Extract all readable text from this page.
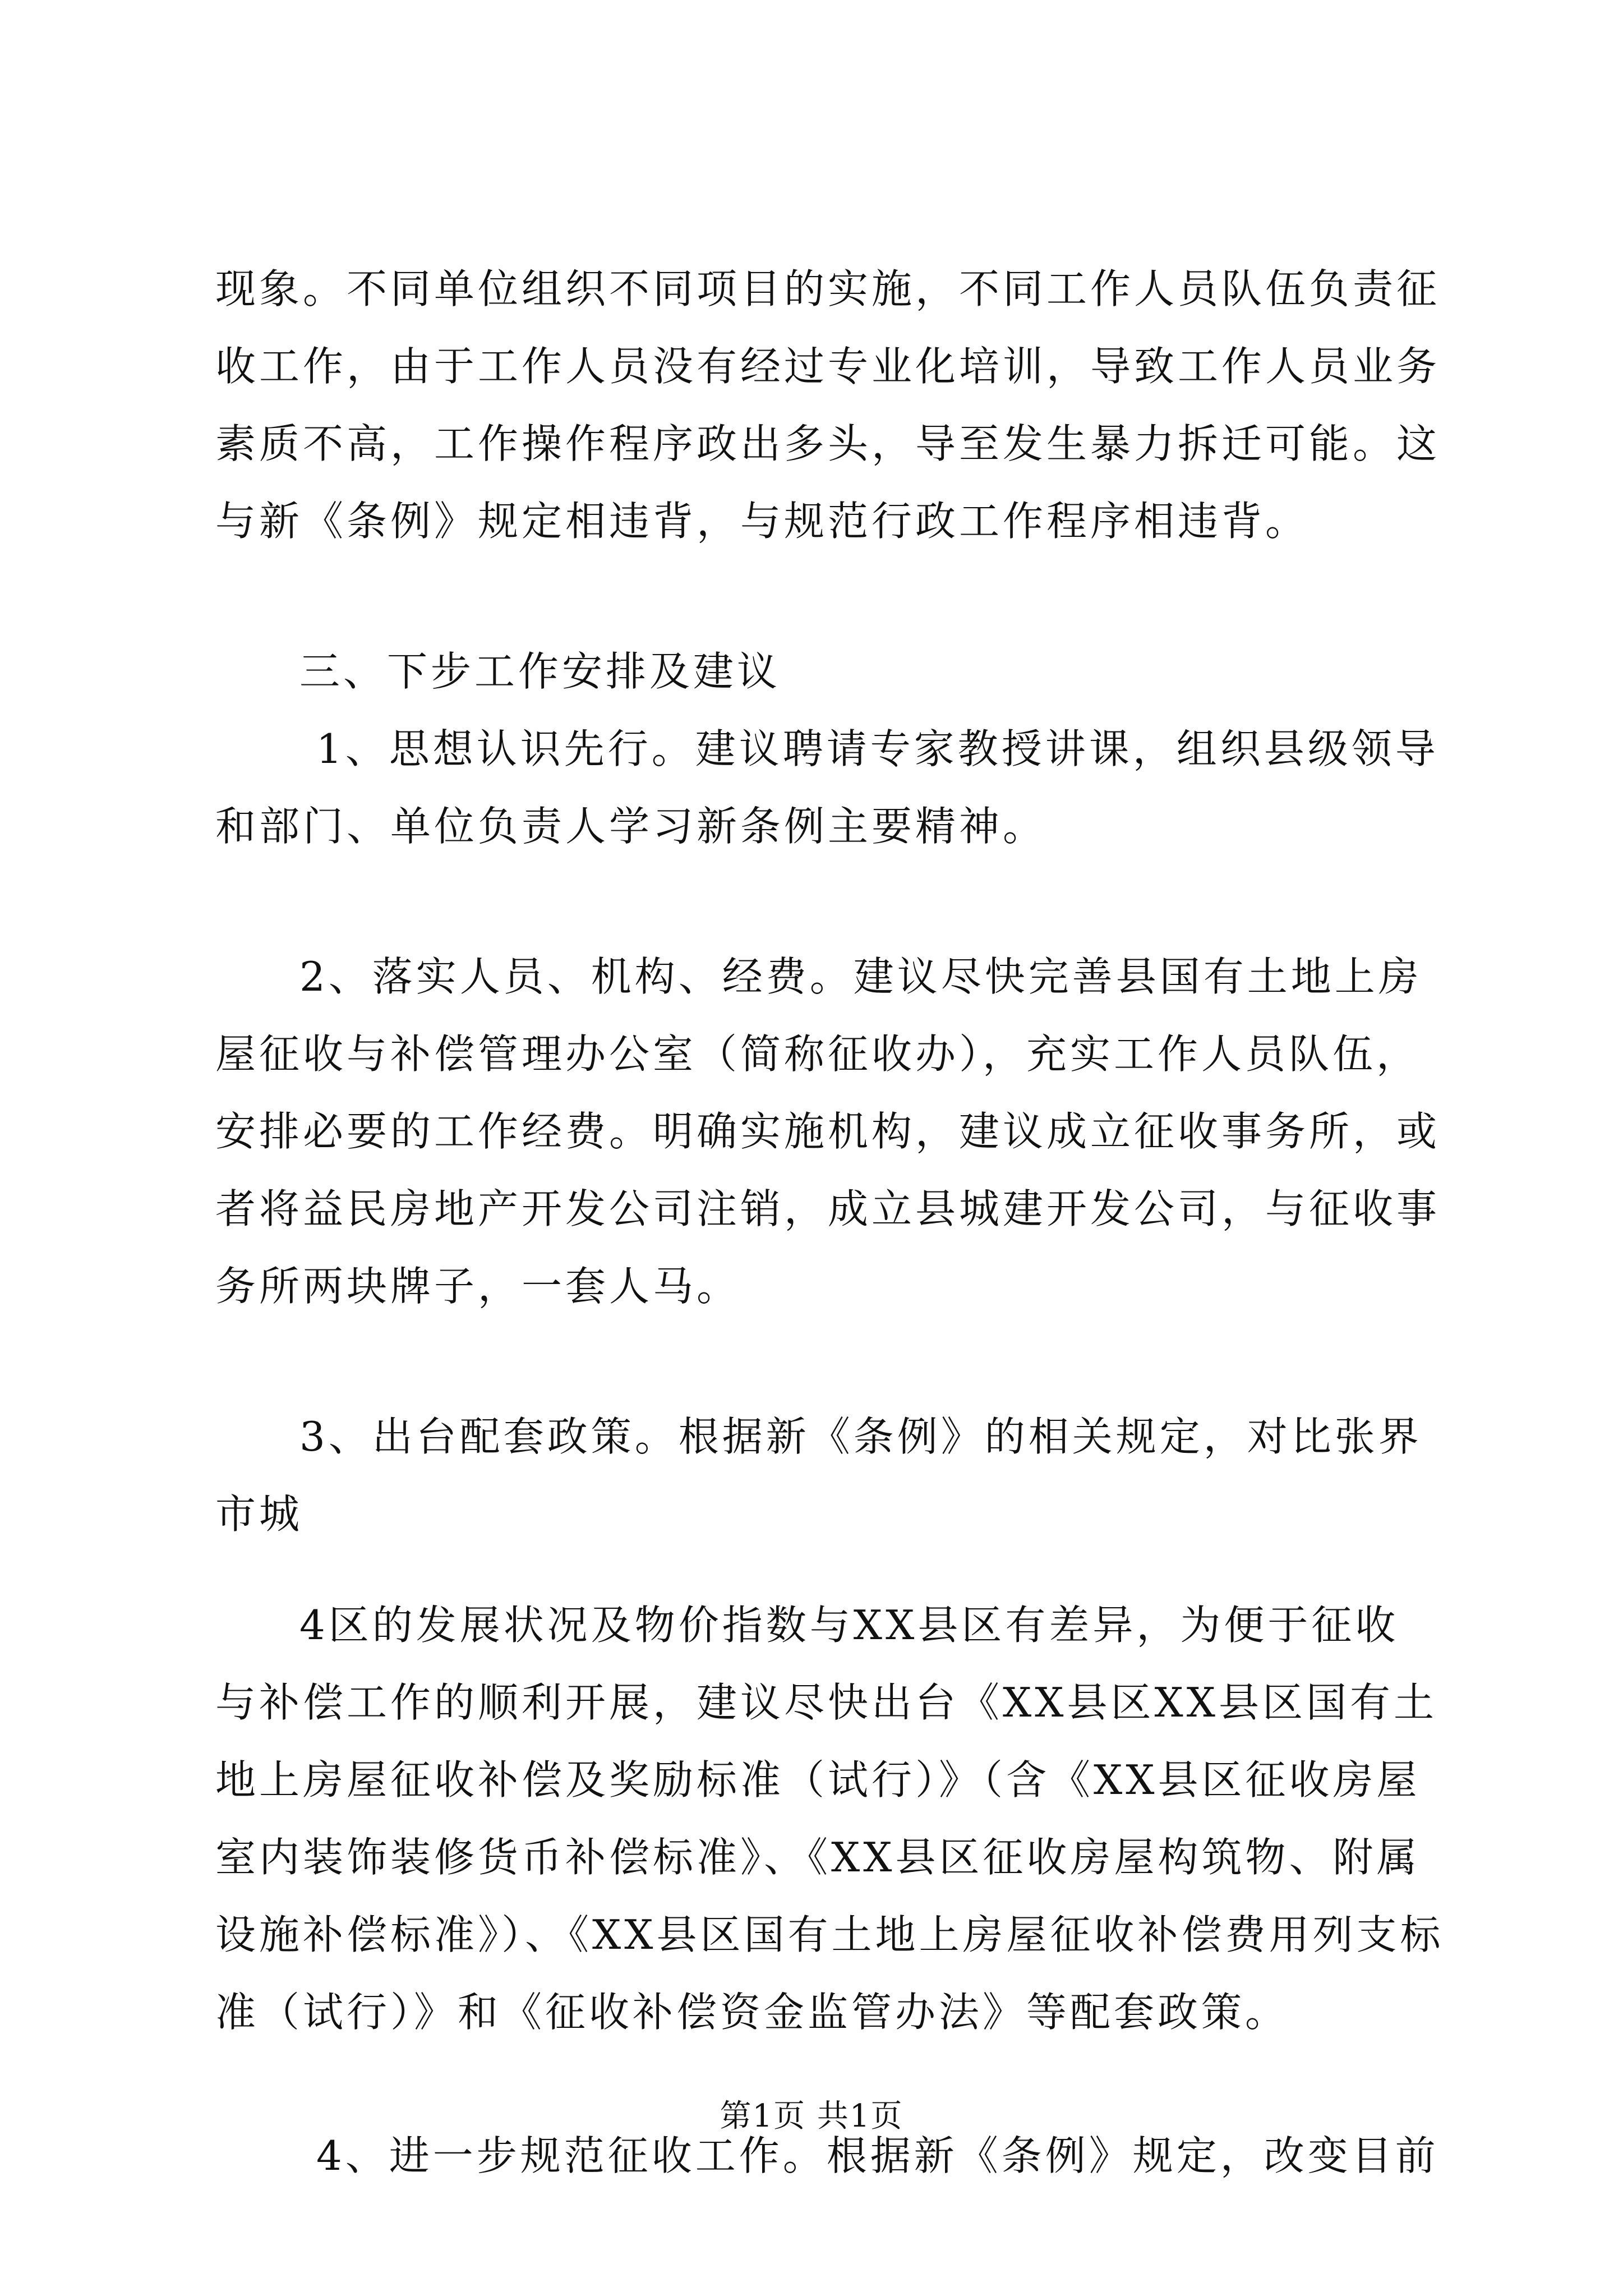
现象。不同单位组织不同项目的实施，不同工作人员队伍负责征
收工作，由于工作人员没有经过专业化培训，导致工作人员业务
素质不高，工作操作程序政出多头，导至发生暴力拆迁可能。这
与新《条例》规定相违背，与规范行政工作程序相违背。
三、下步工作安排及建议
1、思想认识先行。建议聘请专家教授讲课，组织县级领导
和部门、单位负责人学习新条例主要精神。
2、落实人员、机构、经费。建议尽快完善县国有土地上房
屋征收与补偿管理办公室（简称征收办），充实工作人员队伍，
安排必要的工作经费。明确实施机构，建议成立征收事务所，或
者将益民房地产开发公司注销，成立县城建开发公司，与征收事
务所两块牌子，一套人马。
3、出台配套政策。根据新《条例》的相关规定，对比张界
市城
4区的发展状况及物价指数与XX县区有差异，为便于征收
与补偿工作的顺利开展，建议尽快出台《XX县区XX县区国有土
地上房屋征收补偿及奖励标准（试行）》（含《XX县区征收房屋
室内装饰装修货币补偿标准》、《XX县区征收房屋构筑物、附属
设施补偿标准》）、《XX县区国有土地上房屋征收补偿费用列支标
准（试行）》和《征收补偿资金监管办法》等配套政策。
4、进一步规范征收工作。根据新《条例》规定，改变目前
第1页 共1页
